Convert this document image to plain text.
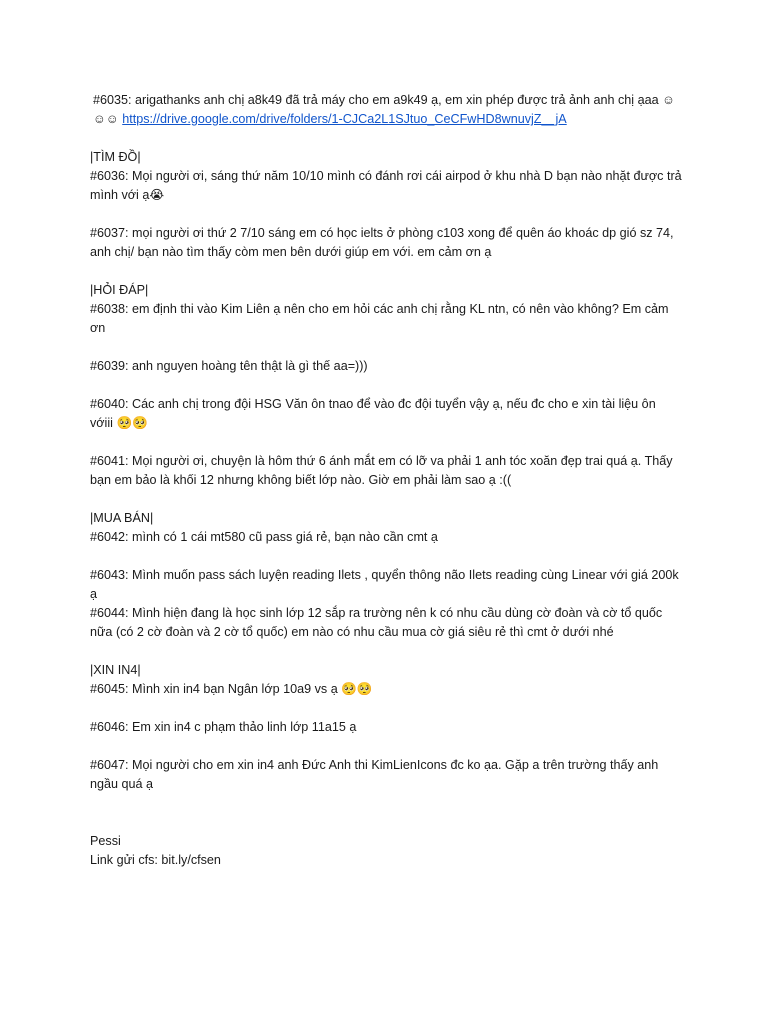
#6035: arigathanks anh chị a8k49 đã trả máy cho em a9k49 ạ, em xin phép được trả ảnh anh chị ạaa ☺ ☺☺ https://drive.google.com/drive/folders/1-CJCa2L1SJtuo_CeCFwHD8wnuvjZ__jA

|TÌM ĐỒ|

#6036: Mọi người ơi, sáng thứ năm 10/10 mình có đánh rơi cái airpod ở khu nhà D bạn nào nhặt được trả mình với ạ😭

#6037: mọi người ơi thứ 2 7/10 sáng em có học ielts ở phòng c103 xong để quên áo khoác dp gió sz 74, anh chị/ bạn nào tìm thấy còm men bên dưới giúp em với. em cảm ơn ạ

|HỎI ĐÁP|

#6038: em định thi vào Kim Liên ạ nên cho em hỏi các anh chị rằng KL ntn, có nên vào không? Em cảm ơn

#6039: anh nguyen hoàng tên thật là gì thế aa=)))

#6040: Các anh chị trong đội HSG Văn ôn tnao để vào đc đội tuyển vậy ạ, nếu đc cho e xin tài liệu ôn vớiii 🥺🥺

#6041: Mọi người ơi, chuyện là hôm thứ 6 ánh mắt em có lỡ va phải 1 anh tóc xoăn đẹp trai quá ạ. Thấy bạn em bảo là khối 12 nhưng không biết lớp nào. Giờ em phải làm sao ạ :((

|MUA BÁN|

#6042: mình có 1 cái mt580 cũ pass giá rẻ, bạn nào cần cmt ạ

#6043: Mình muốn pass sách luyện reading Ilets , quyển thông não Ilets reading cùng Linear với giá 200k ạ

#6044: Mình hiện đang là học sinh lớp 12 sắp ra trường nên k có nhu cầu dùng cờ đoàn và cờ tổ quốc nữa (có 2 cờ đoàn và 2 cờ tổ quốc) em nào có nhu cầu mua cờ giá siêu rẻ thì cmt ở dưới nhé

|XIN IN4|

#6045: Mình xin in4 bạn Ngân lớp 10a9 vs ạ 🥺🥺

#6046: Em xin in4 c phạm thảo linh lớp 11a15 ạ

#6047: Mọi người cho em xin in4 anh Đức Anh thi KimLienIcons đc ko ạa. Gặp a trên trường thấy anh ngầu quá ạ

Pessi
Link gửi cfs: bit.ly/cfsen
